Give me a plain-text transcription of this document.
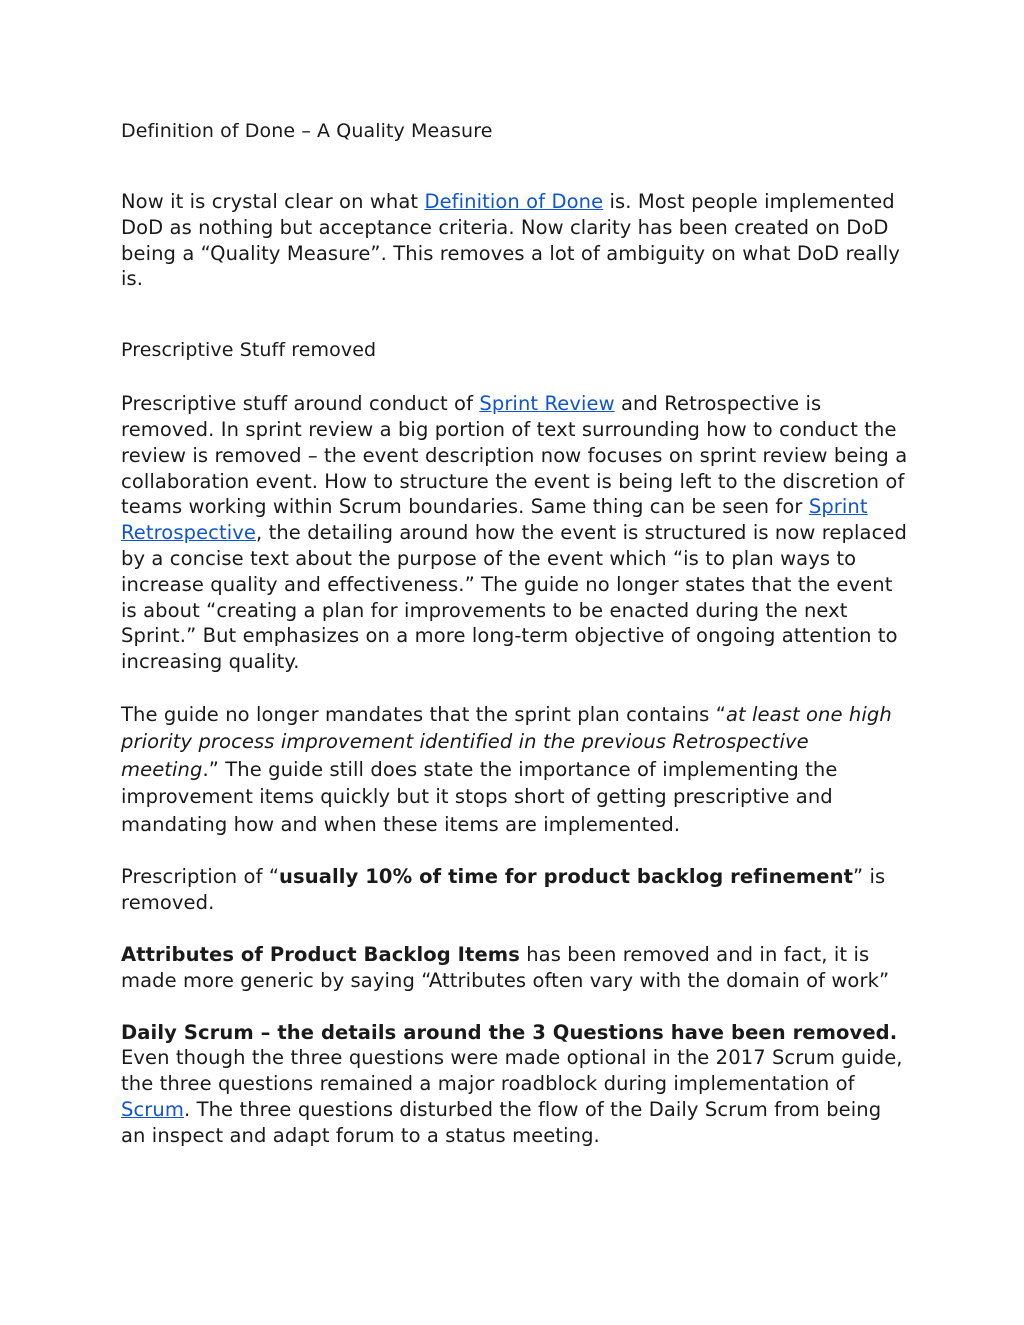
Definition of Done – A Quality Measure

Now it is crystal clear on what Definition of Done is. Most people implemented DoD as nothing but acceptance criteria. Now clarity has been created on DoD being a “Quality Measure”. This removes a lot of ambiguity on what DoD really is.

Prescriptive Stuff removed

Prescriptive stuff around conduct of Sprint Review and Retrospective is removed. In sprint review a big portion of text surrounding how to conduct the review is removed – the event description now focuses on sprint review being a collaboration event. How to structure the event is being left to the discretion of teams working within Scrum boundaries. Same thing can be seen for Sprint Retrospective, the detailing around how the event is structured is now replaced by a concise text about the purpose of the event which “is to plan ways to increase quality and effectiveness.” The guide no longer states that the event is about “creating a plan for improvements to be enacted during the next Sprint.” But emphasizes on a more long-term objective of ongoing attention to increasing quality.

The guide no longer mandates that the sprint plan contains “at least one high priority process improvement identified in the previous Retrospective meeting.” The guide still does state the importance of implementing the improvement items quickly but it stops short of getting prescriptive and mandating how and when these items are implemented.

Prescription of “usually 10% of time for product backlog refinement” is removed.

Attributes of Product Backlog Items has been removed and in fact, it is made more generic by saying “Attributes often vary with the domain of work”

Daily Scrum – the details around the 3 Questions have been removed. Even though the three questions were made optional in the 2017 Scrum guide, the three questions remained a major roadblock during implementation of Scrum. The three questions disturbed the flow of the Daily Scrum from being an inspect and adapt forum to a status meeting.
